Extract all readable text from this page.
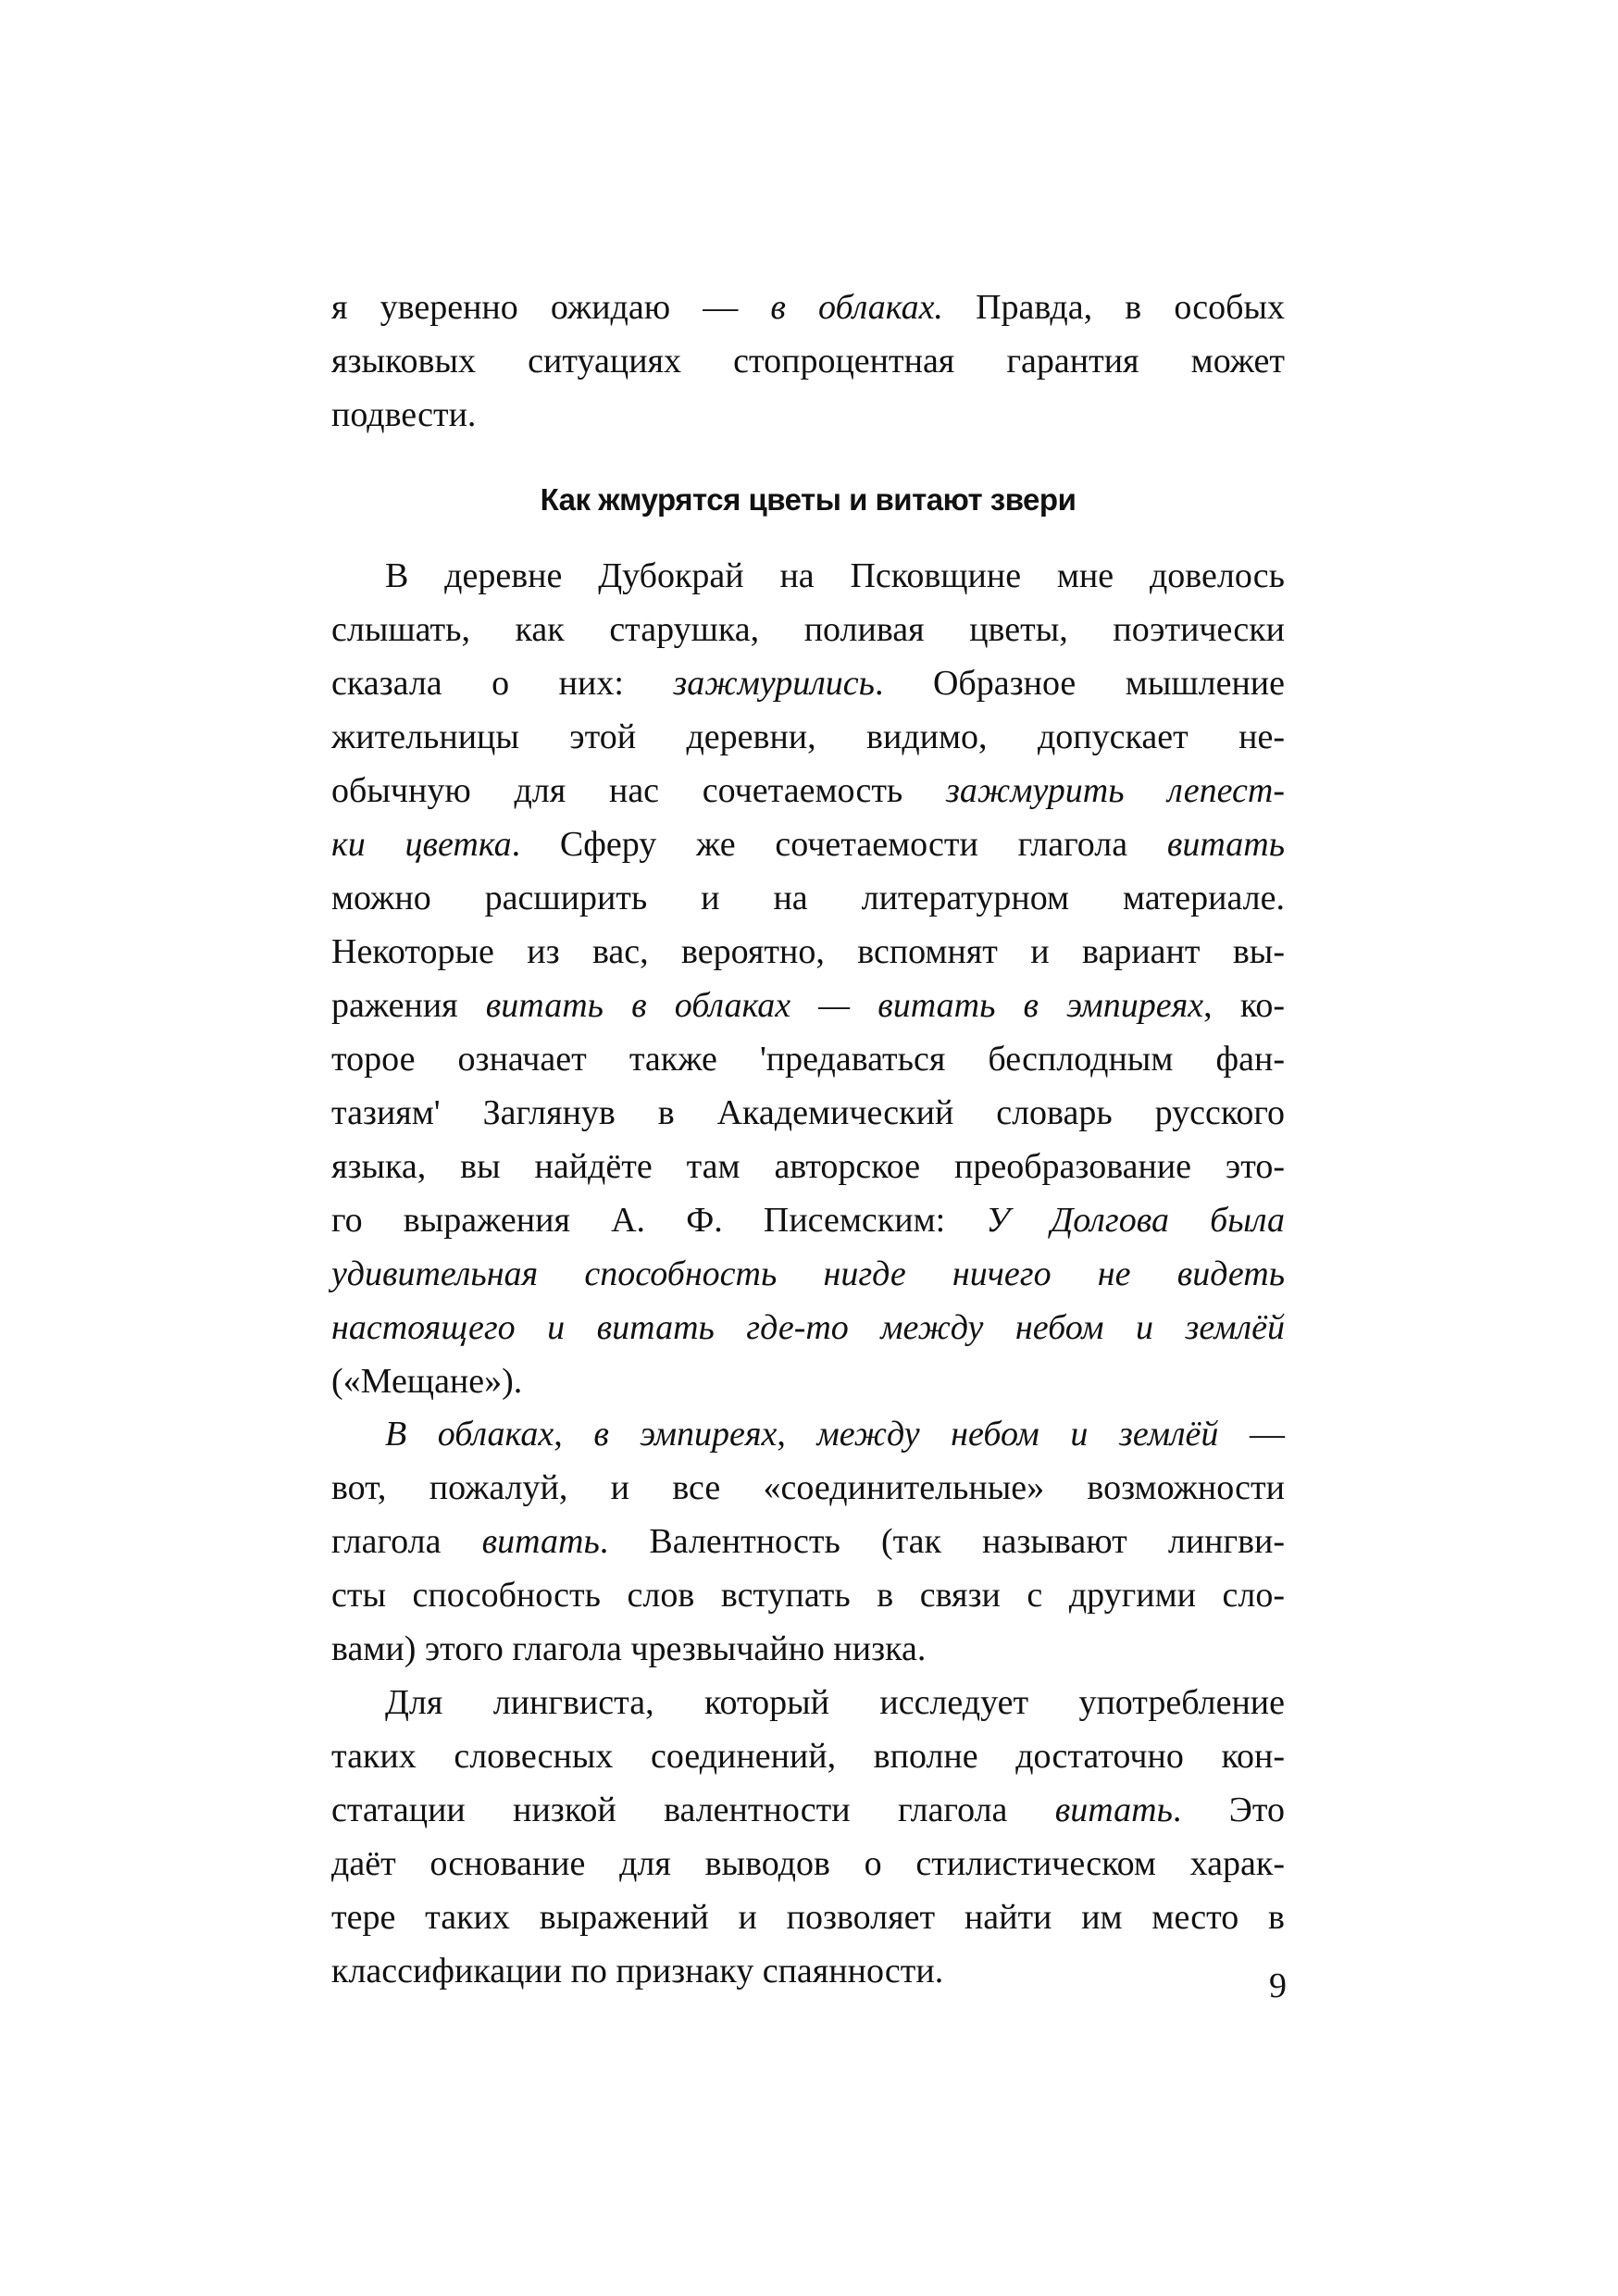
я уверенно ожидаю — в облаках. Правда, в особых
языковых ситуациях стопроцентная гарантия может
подвести.
Как жмурятся цветы и витают звери
В деревне Дубокрай на Псковщине мне довелось
слышать, как старушка, поливая цветы, поэтически
сказала о них: зажмурились. Образное мышление
жительницы этой деревни, видимо, допускает не-
обычную для нас сочетаемость зажмурить лепест-
ки цветка. Сферу же сочетаемости глагола витать
можно расширить и на литературном материале.
Некоторые из вас, вероятно, вспомнят и вариант вы-
ражения витать в облаках — витать в эмпиреях, ко-
торое означает также 'предаваться бесплодным фан-
тазиям' Заглянув в Академический словарь русского
языка, вы найдёте там авторское преобразование это-
го выражения А. Ф. Писемским: У Долгова была
удивительная способность нигде ничего не видеть
настоящего и витать где-то между небом и землёй
(«Мещане»).
В облаках, в эмпиреях, между небом и землёй —
вот, пожалуй, и все «соединительные» возможности
глагола витать. Валентность (так называют лингви-
сты способность слов вступать в связи с другими сло-
вами) этого глагола чрезвычайно низка.
Для лингвиста, который исследует употребление
таких словесных соединений, вполне достаточно кон-
статации низкой валентности глагола витать. Это
даёт основание для выводов о стилистическом харак-
тере таких выражений и позволяет найти им место в
классификации по признаку спаянности.	9
